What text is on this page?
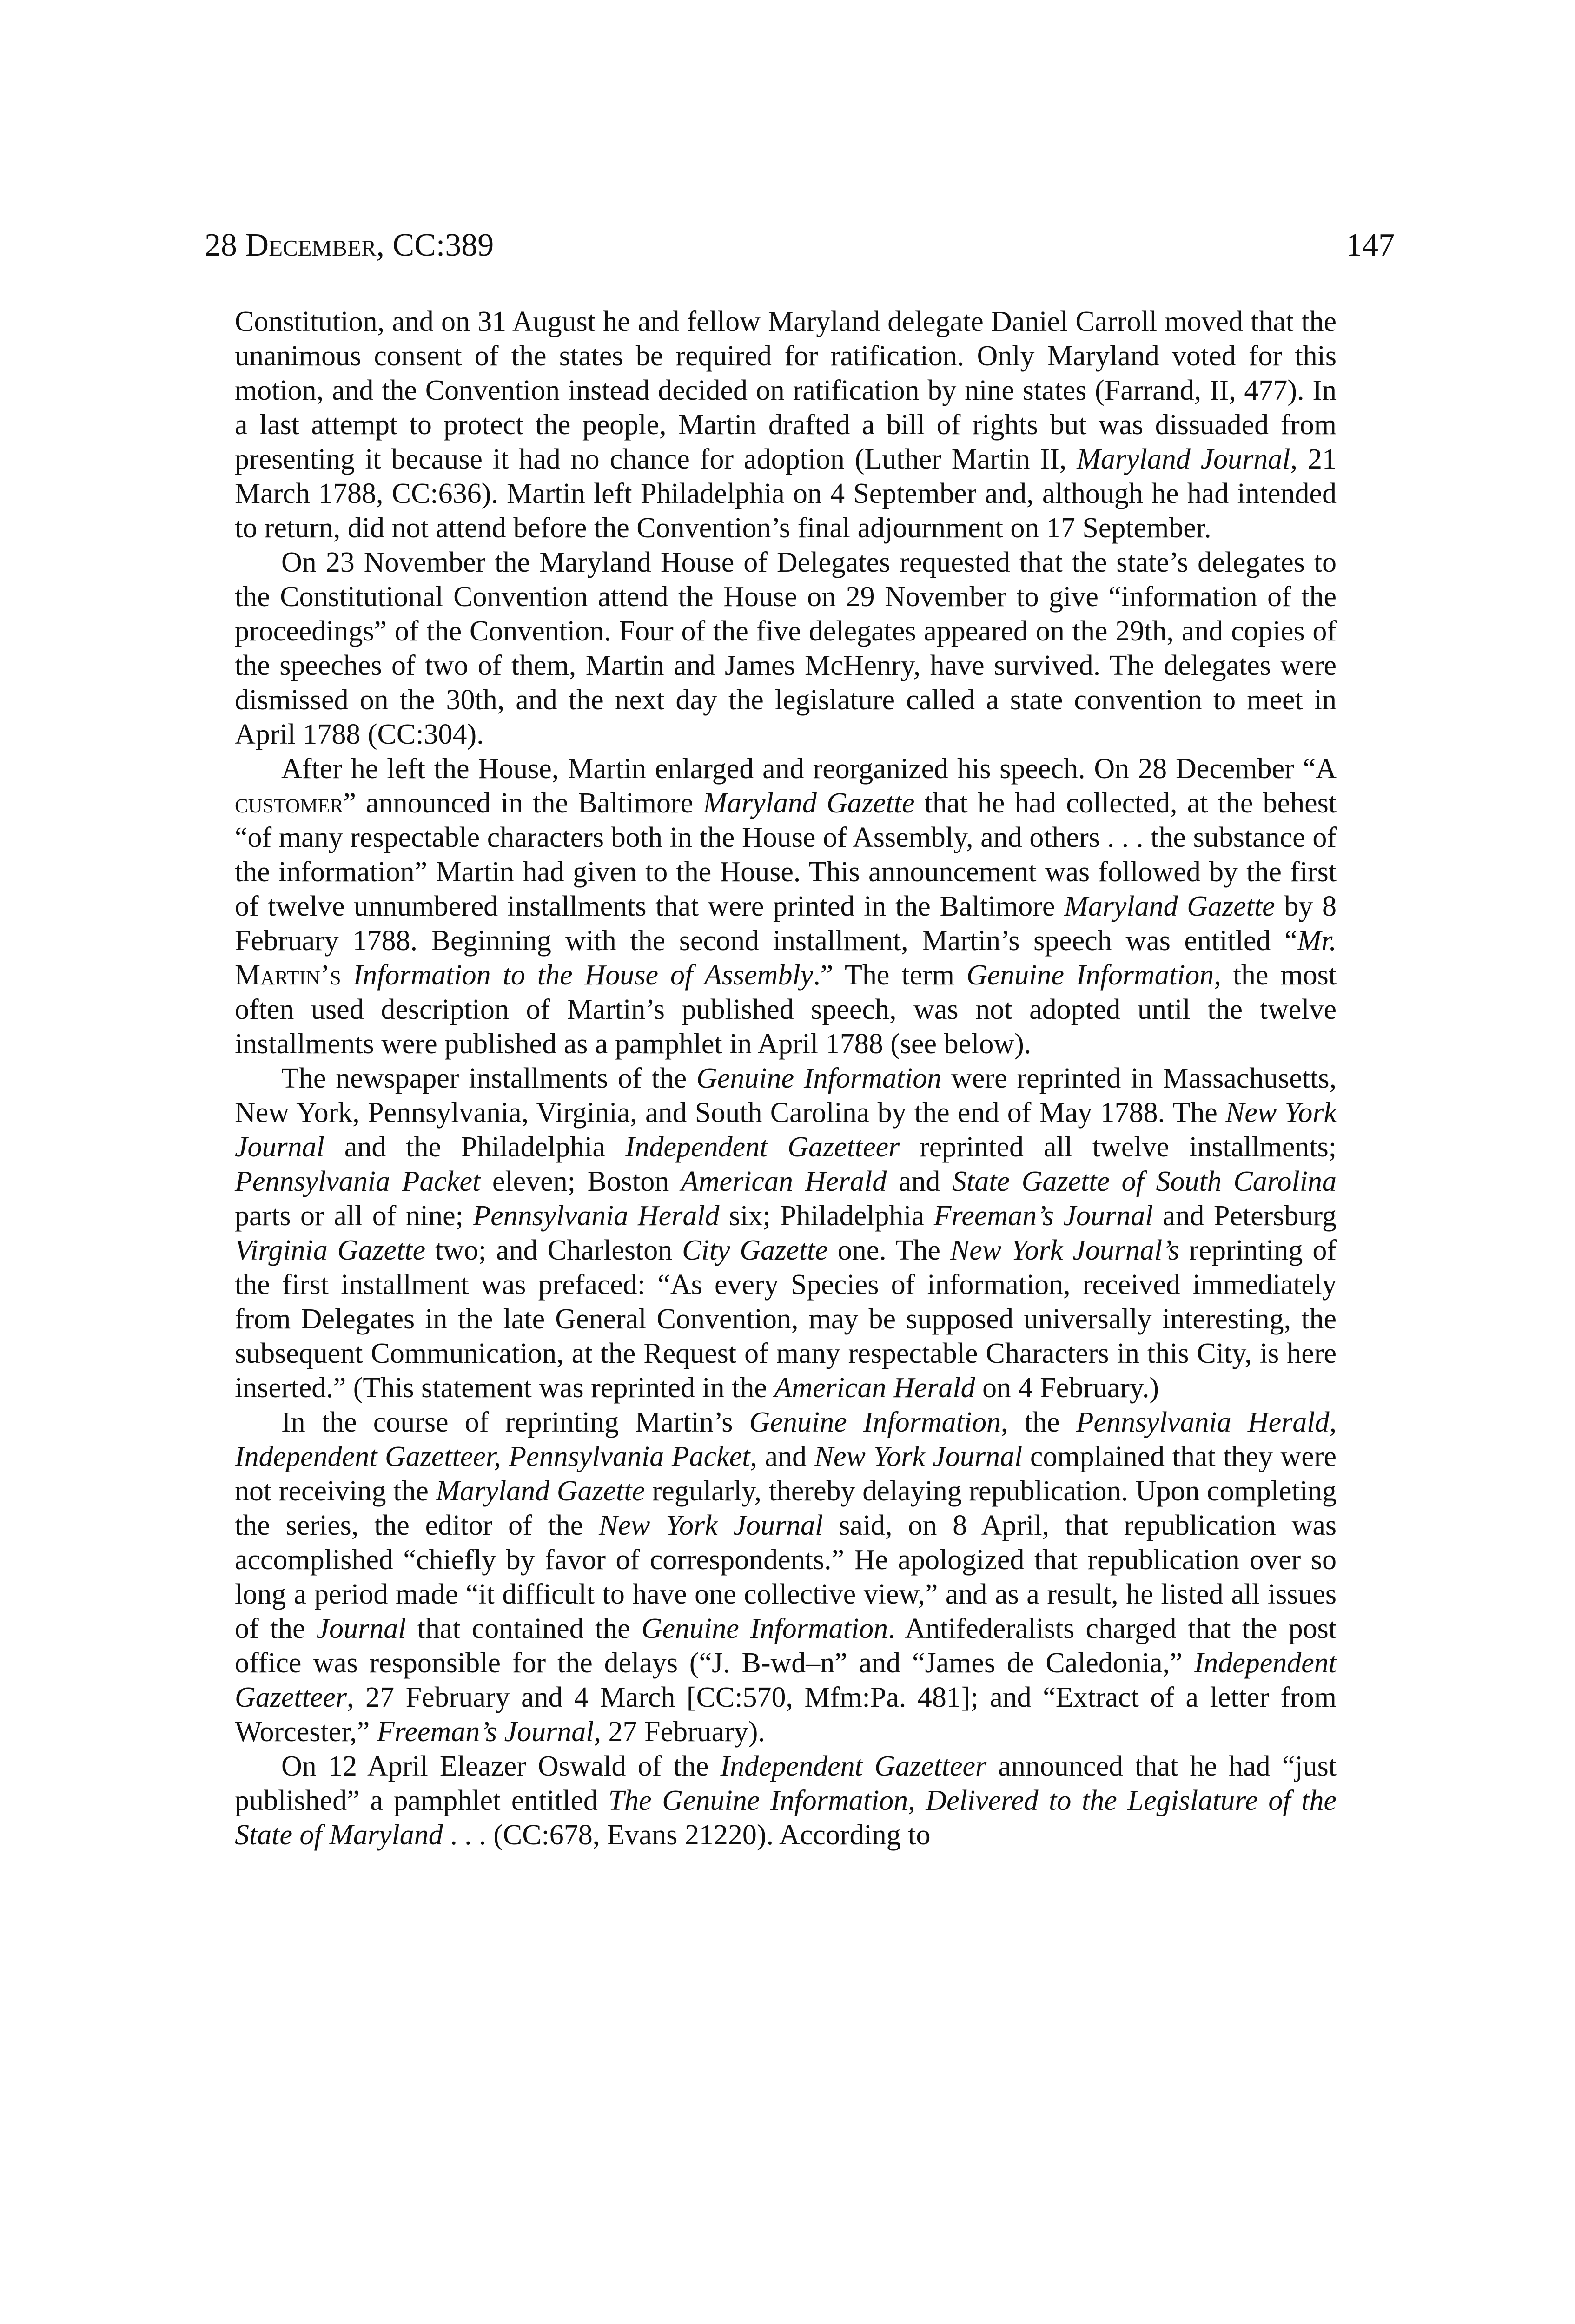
28 December, CC:389	147

Constitution, and on 31 August he and fellow Maryland delegate Daniel Carroll moved that the unanimous consent of the states be required for ratification. Only Maryland voted for this motion, and the Convention instead decided on ratification by nine states (Farrand, II, 477). In a last attempt to protect the people, Martin drafted a bill of rights but was dissuaded from presenting it because it had no chance for adoption (Luther Martin II, Maryland Journal, 21 March 1788, CC:636). Martin left Philadelphia on 4 September and, although he had intended to return, did not attend before the Convention’s final adjournment on 17 September.

On 23 November the Maryland House of Delegates requested that the state’s delegates to the Constitutional Convention attend the House on 29 November to give “information of the proceedings” of the Convention. Four of the five delegates appeared on the 29th, and copies of the speeches of two of them, Martin and James McHenry, have survived. The delegates were dismissed on the 30th, and the next day the legislature called a state convention to meet in April 1788 (CC:304).

After he left the House, Martin enlarged and reorganized his speech. On 28 December “A customer” announced in the Baltimore Maryland Gazette that he had collected, at the behest “of many respectable characters both in the House of Assembly, and others . . . the substance of the information” Martin had given to the House. This announcement was followed by the first of twelve unnumbered installments that were printed in the Baltimore Maryland Gazette by 8 February 1788. Beginning with the second installment, Martin’s speech was entitled “Mr. Martin’s Information to the House of Assembly.” The term Genuine Information, the most often used description of Martin’s published speech, was not adopted until the twelve installments were published as a pamphlet in April 1788 (see below).

The newspaper installments of the Genuine Information were reprinted in Massachusetts, New York, Pennsylvania, Virginia, and South Carolina by the end of May 1788. The New York Journal and the Philadelphia Independent Gazetteer reprinted all twelve installments; Pennsylvania Packet eleven; Boston American Herald and State Gazette of South Carolina parts or all of nine; Pennsylvania Herald six; Philadelphia Freeman’s Journal and Petersburg Virginia Gazette two; and Charleston City Gazette one. The New York Journal’s reprinting of the first installment was prefaced: “As every Species of information, received immediately from Delegates in the late General Convention, may be supposed universally interesting, the subsequent Communication, at the Request of many respectable Characters in this City, is here inserted.” (This statement was reprinted in the American Herald on 4 February.)

In the course of reprinting Martin’s Genuine Information, the Pennsylvania Herald, Independent Gazetteer, Pennsylvania Packet, and New York Journal complained that they were not receiving the Maryland Gazette regularly, thereby delaying republication. Upon completing the series, the editor of the New York Journal said, on 8 April, that republication was accomplished “chiefly by favor of correspondents.” He apologized that republication over so long a period made “it difficult to have one collective view,” and as a result, he listed all issues of the Journal that contained the Genuine Information. Antifederalists charged that the post office was responsible for the delays (“J. B-wd–n” and “James de Caledonia,” Independent Gazetteer, 27 February and 4 March [CC:570, Mfm:Pa. 481]; and “Extract of a letter from Worcester,” Freeman’s Journal, 27 February).

On 12 April Eleazer Oswald of the Independent Gazetteer announced that he had “just published” a pamphlet entitled The Genuine Information, Delivered to the Legislature of the State of Maryland . . . (CC:678, Evans 21220). According to
